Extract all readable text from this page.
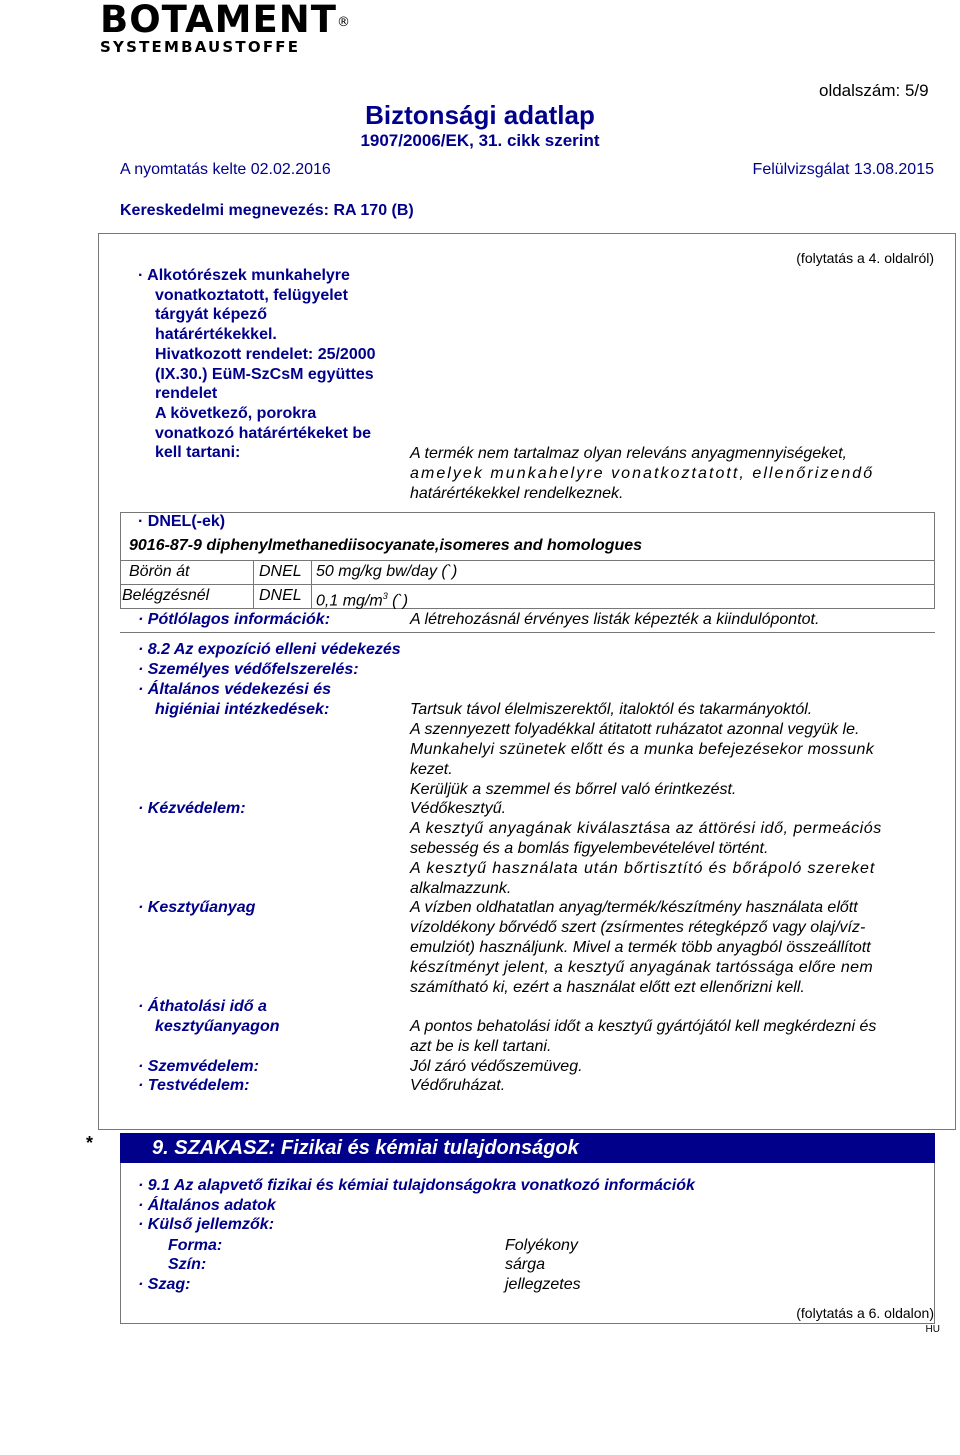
BOTAMENT®
SYSTEMBAUSTOFFE
oldalszám: 5/9
Biztonsági adatlap
1907/2006/EK, 31. cikk szerint
A nyomtatás kelte 02.02.2016	Felülvizsgálat 13.08.2015
Kereskedelmi megnevezés: RA 170 (B)
(folytatás a 4. oldalról)
· Alkotórészek munkahelyre
vonatkoztatott, felügyelet
tárgyát képező
határértékekkel.
Hivatkozott rendelet: 25/2000
(IX.30.) EüM-SzCsM együttes
rendelet
A következő, porokra
vonatkozó határértékeket be
kell tartani:	A termék nem tartalmaz olyan releváns anyagmennyiségeket,
amelyek munkahelyre vonatkoztatott, ellenőrizendő
határértékekkel rendelkeznek.
· DNEL(-ek)
9016-87-9 diphenylmethanediisocyanate,isomeres and homologues
Börön át	DNEL 50 mg/kg bw/day (`)
Belégzésnél	DNEL 0,1 $mg/m^3$ (`)
· Pótlólagos információk:	A létrehozásnál érvényes listák képezték a kiindulópontot.
· 8.2 Az expozíció elleni védekezés
· Személyes védőfelszerelés:
· Általános védekezési és
higiéniai intézkedések:	Tartsuk távol élelmiszerektől, italoktól és takarmányoktól.
A szennyezett folyadékkal átitatott ruházatot azonnal vegyük le.
Munkahelyi szünetek előtt és a munka befejezésekor mossunk
kezet.
Kerüljük a szemmel és bőrrel való érintkezést.
· Kézvédelem:	Védőkesztyű.
A kesztyű anyagának kiválasztása az áttörési idő, permeációs
sebesség és a bomlás figyelembevételével történt.
A kesztyű használata után bőrtisztító és bőrápoló szereket
alkalmazzunk.
· Kesztyűanyag	A vízben oldhatatlan anyag/termék/készítmény használata előtt
vízoldékony bőrvédő szert (zsírmentes rétegképző vagy olaj/víz-
emulziót) használjunk. Mivel a termék több anyagból összeállított
készítményt jelent, a kesztyű anyagának tartóssága előre nem
számítható ki, ezért a használat előtt ezt ellenőrizni kell.
· Áthatolási idő a
kesztyűanyagon	A pontos behatolási időt a kesztyű gyártójától kell megkérdezni és
azt be is kell tartani.
· Szemvédelem:	Jól záró védőszemüveg.
· Testvédelem:	Védőruházat.
*	9. SZAKASZ: Fizikai és kémiai tulajdonságok
· 9.1 Az alapvető fizikai és kémiai tulajdonságokra vonatkozó információk
· Általános adatok
· Külső jellemzők:
Forma:	Folyékony
Szín:	sárga
· Szag:	jellegzetes
(folytatás a 6. oldalon)
HU
